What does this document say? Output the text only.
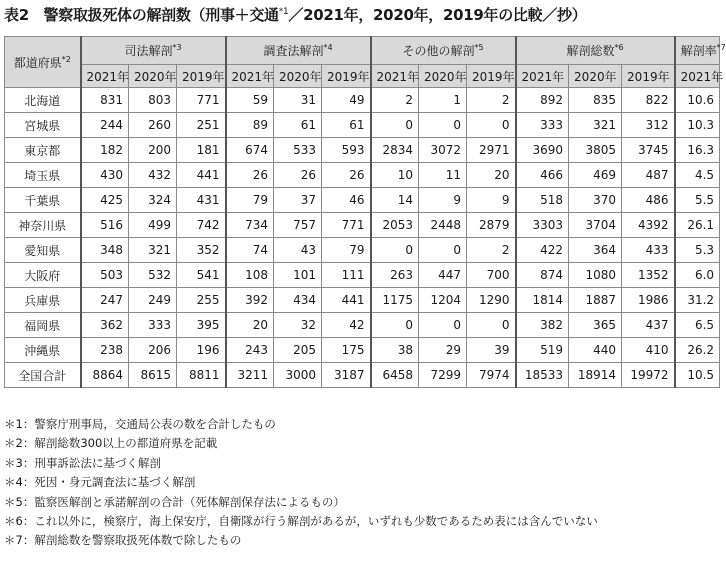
表2　警察取扱死体の解剖数（刑事＋交通$^{*1}$／2021年，2020年，2019年の比較／抄）
都道府県$^{*2}$	司法解剖$^{*3}$			調査法解剖$^{*4}$			その他の解剖$^{*5}$			解剖総数$^{*6}$			解剖率$^{*7}$
	2021年	2020年	2019年	2021年	2020年	2019年	2021年	2020年	2019年	2021年	2020年	2019年	2021年
北海道	831	803	771	59	31	49	2	1	2	892	835	822	10.6
宮城県	244	260	251	89	61	61	0	0	0	333	321	312	10.3
東京都	182	200	181	674	533	593	2834	3072	2971	3690	3805	3745	16.3
埼玉県	430	432	441	26	26	26	10	11	20	466	469	487	4.5
千葉県	425	324	431	79	37	46	14	9	9	518	370	486	5.5
神奈川県	516	499	742	734	757	771	2053	2448	2879	3303	3704	4392	26.1
愛知県	348	321	352	74	43	79	0	0	2	422	364	433	5.3
大阪府	503	532	541	108	101	111	263	447	700	874	1080	1352	6.0
兵庫県	247	249	255	392	434	441	1175	1204	1290	1814	1887	1986	31.2
福岡県	362	333	395	20	32	42	0	0	0	382	365	437	6.5
沖縄県	238	206	196	243	205	175	38	29	39	519	440	410	26.2
全国合計	8864	8615	8811	3211	3000	3187	6458	7299	7974	18533	18914	19972	10.5
＊1：警察庁刑事局，交通局公表の数を合計したもの
＊2：解剖総数300以上の都道府県を記載
＊3：刑事訴訟法に基づく解剖
＊4：死因・身元調査法に基づく解剖
＊5：監察医解剖と承諾解剖の合計（死体解剖保存法によるもの）
＊6：これ以外に，検察庁，海上保安庁，自衛隊が行う解剖があるが，いずれも少数であるため表には含んでいない
＊7：解剖総数を警察取扱死体数で除したもの
